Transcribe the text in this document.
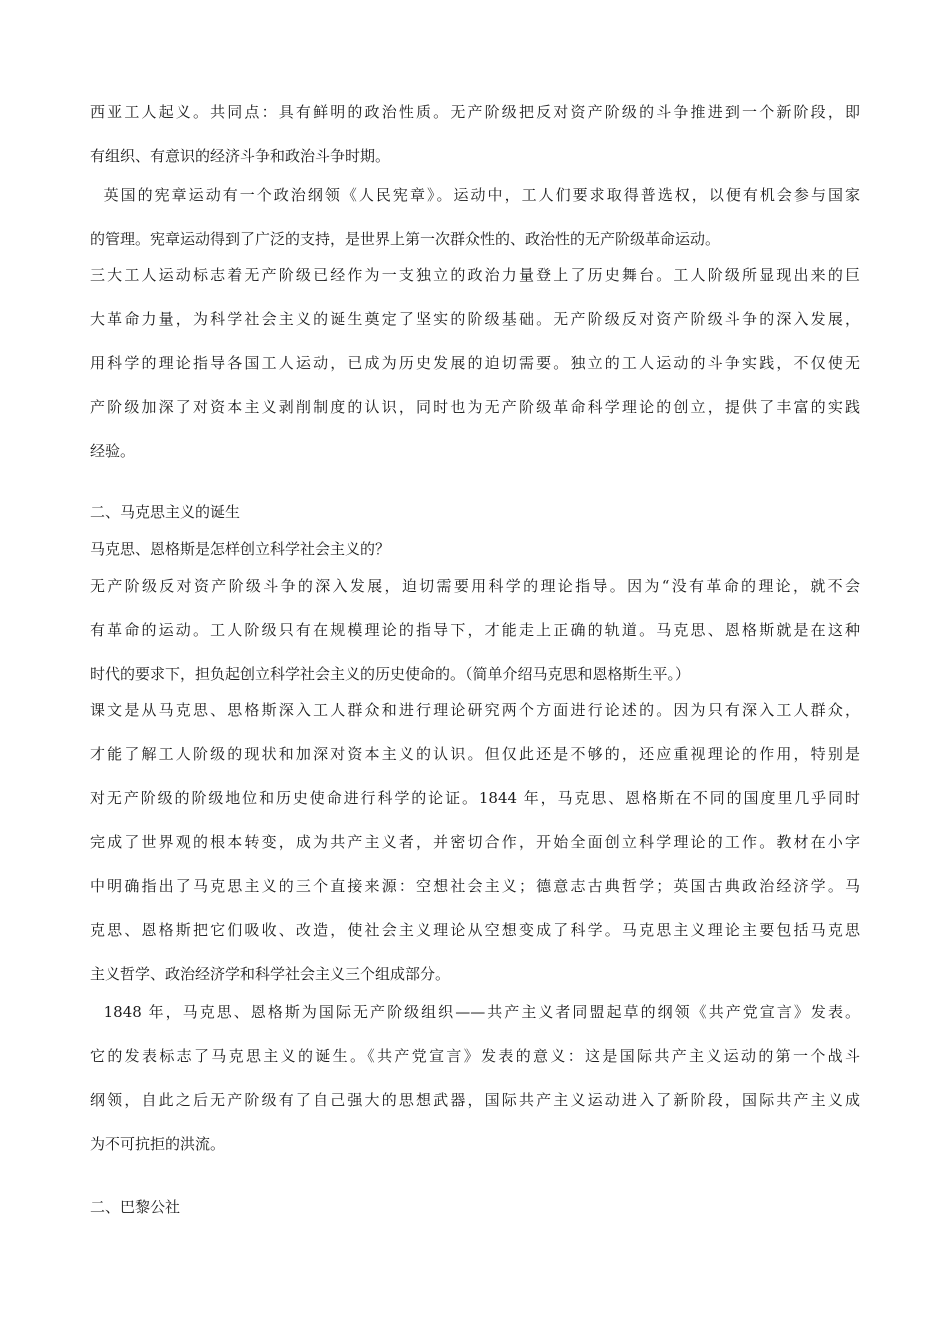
西亚工人起义。共同点：具有鲜明的政治性质。无产阶级把反对资产阶级的斗争推进到一个新阶段，即
有组织、有意识的经济斗争和政治斗争时期。
英国的宪章运动有一个政治纲领《人民宪章》。运动中，工人们要求取得普选权，以便有机会参与国家
的管理。宪章运动得到了广泛的支持，是世界上第一次群众性的、政治性的无产阶级革命运动。
三大工人运动标志着无产阶级已经作为一支独立的政治力量登上了历史舞台。工人阶级所显现出来的巨
大革命力量，为科学社会主义的诞生奠定了坚实的阶级基础。无产阶级反对资产阶级斗争的深入发展，
用科学的理论指导各国工人运动，已成为历史发展的迫切需要。独立的工人运动的斗争实践，不仅使无
产阶级加深了对资本主义剥削制度的认识，同时也为无产阶级革命科学理论的创立，提供了丰富的实践
经验。
二、马克思主义的诞生
马克思、恩格斯是怎样创立科学社会主义的？
无产阶级反对资产阶级斗争的深入发展，迫切需要用科学的理论指导。因为“没有革命的理论，就不会
有革命的运动。工人阶级只有在规模理论的指导下，才能走上正确的轨道。马克思、恩格斯就是在这种
时代的要求下，担负起创立科学社会主义的历史使命的。（简单介绍马克思和恩格斯生平。）
课文是从马克思、思格斯深入工人群众和进行理论研究两个方面进行论述的。因为只有深入工人群众，
才能了解工人阶级的现状和加深对资本主义的认识。但仅此还是不够的，还应重视理论的作用，特别是
对无产阶级的阶级地位和历史使命进行科学的论证。1844 年，马克思、恩格斯在不同的国度里几乎同时
完成了世界观的根本转变，成为共产主义者，并密切合作，开始全面创立科学理论的工作。教材在小字
中明确指出了马克思主义的三个直接来源：空想社会主义；德意志古典哲学；英国古典政治经济学。马
克思、恩格斯把它们吸收、改造，使社会主义理论从空想变成了科学。马克思主义理论主要包括马克思
主义哲学、政治经济学和科学社会主义三个组成部分。
1848 年，马克思、恩格斯为国际无产阶级组织——共产主义者同盟起草的纲领《共产党宣言》发表。
它的发表标志了马克思主义的诞生。《共产党宣言》发表的意义：这是国际共产主义运动的第一个战斗
纲领，自此之后无产阶级有了自己强大的思想武器，国际共产主义运动进入了新阶段，国际共产主义成
为不可抗拒的洪流。
二、巴黎公社
